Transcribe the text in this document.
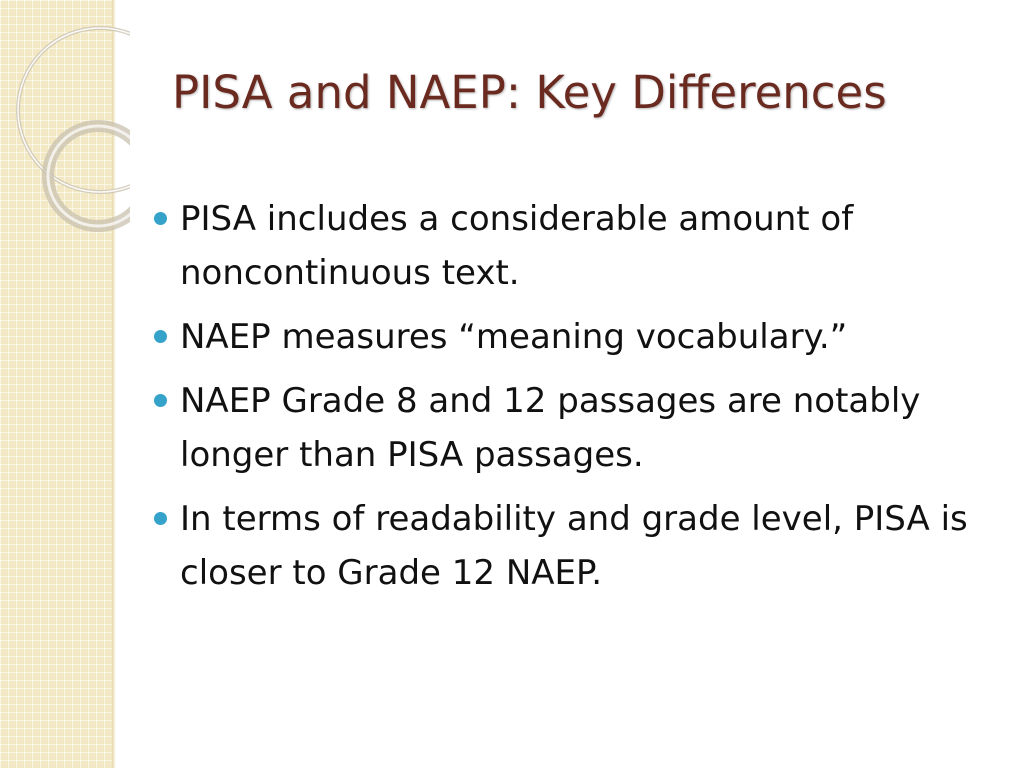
PISA and NAEP: Key Differences
PISA includes a considerable amount of noncontinuous text.
NAEP measures “meaning vocabulary.”
NAEP Grade 8 and 12 passages are notably longer than PISA passages.
In terms of readability and grade level, PISA is closer to Grade 12 NAEP.
